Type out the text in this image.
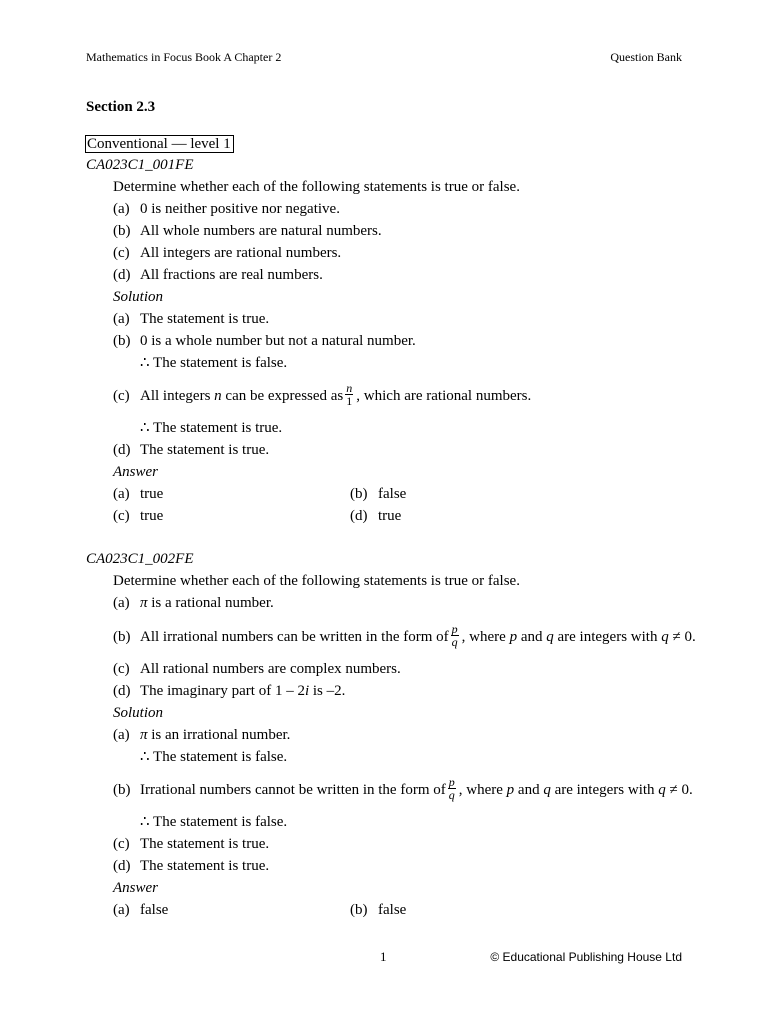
Mathematics in Focus Book A Chapter 2	Question Bank
Section 2.3
Conventional — level 1
CA023C1_001FE
Determine whether each of the following statements is true or false.
(a) 0 is neither positive nor negative.
(b) All whole numbers are natural numbers.
(c) All integers are rational numbers.
(d) All fractions are real numbers.
Solution
(a) The statement is true.
(b) 0 is a whole number but not a natural number.
∴ The statement is false.
(c) All integers n can be expressed as $\frac{n}{1}$ , which are rational numbers.
∴ The statement is true.
(d) The statement is true.
Answer
(a) true	(b) false
(c) true	(d) true
CA023C1_002FE
Determine whether each of the following statements is true or false.
(a) π is a rational number.
(b) All irrational numbers can be written in the form of $\frac{p}{q}$ , where p and q are integers with q ≠ 0.
(c) All rational numbers are complex numbers.
(d) The imaginary part of 1 – 2i is –2.
Solution
(a) π is an irrational number.
∴ The statement is false.
(b) Irrational numbers cannot be written in the form of $\frac{p}{q}$ , where p and q are integers with q ≠ 0.
∴ The statement is false.
(c) The statement is true.
(d) The statement is true.
Answer
(a) false	(b) false
1	© Educational Publishing House Ltd
